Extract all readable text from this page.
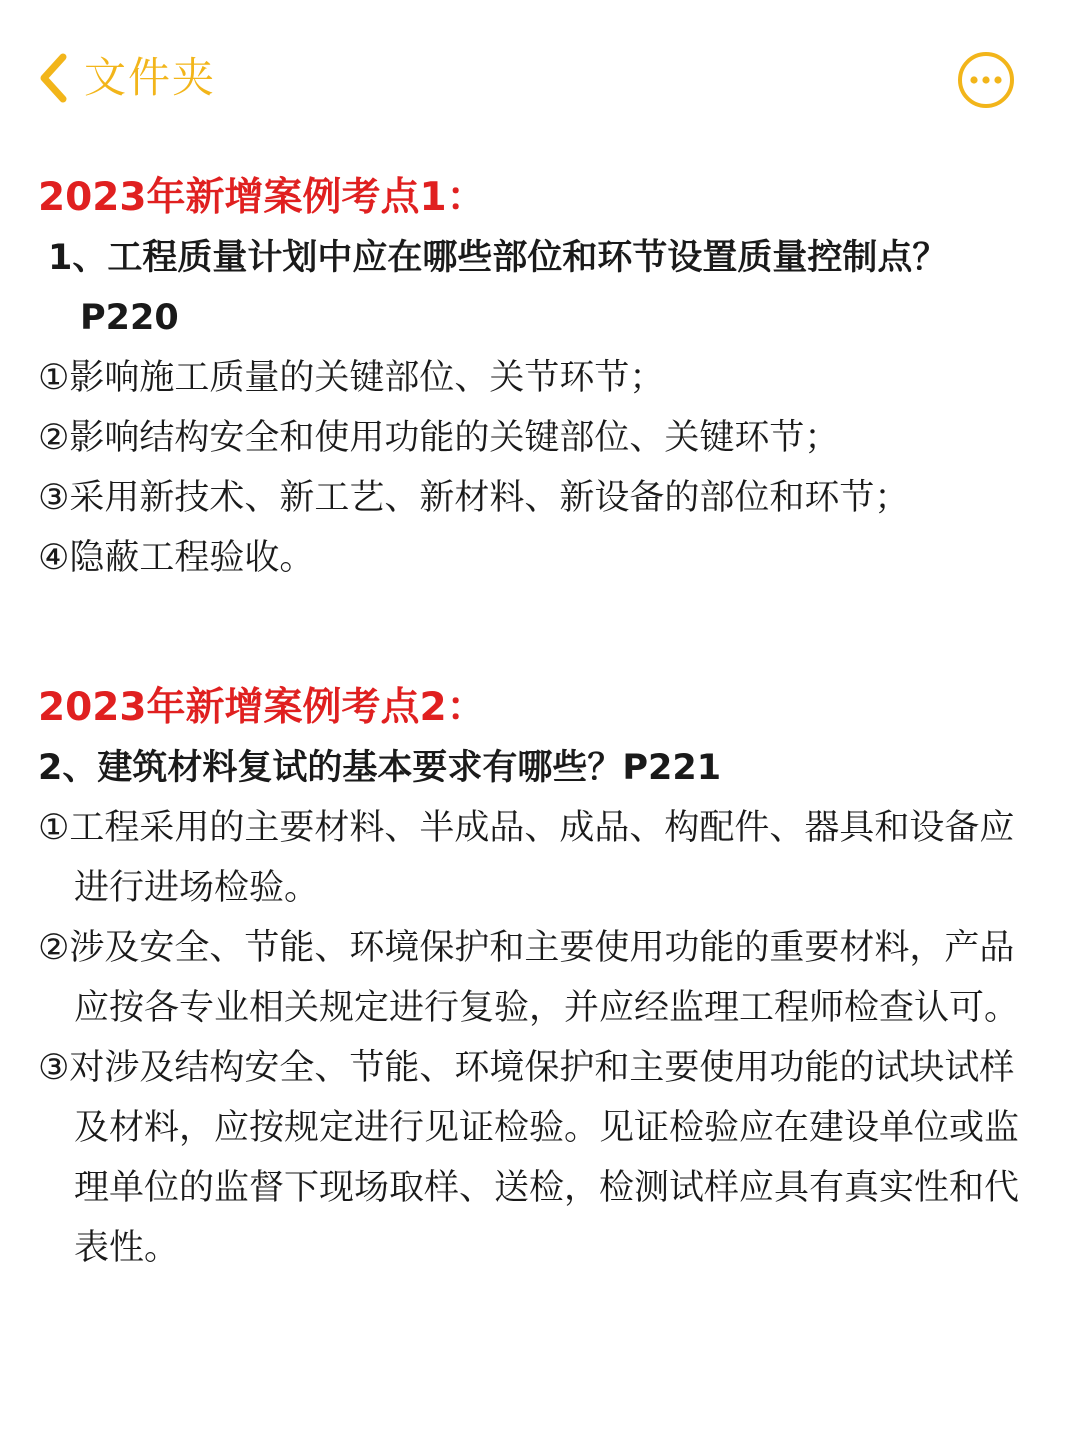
文件夹
2023年新增案例考点1：
1、工程质量计划中应在哪些部位和环节设置质量控制点？
P220
①影响施工质量的关键部位、关节环节；
②影响结构安全和使用功能的关键部位、关键环节；
③采用新技术、新工艺、新材料、新设备的部位和环节；
④隐蔽工程验收。
2023年新增案例考点2：
2、建筑材料复试的基本要求有哪些？P221
①工程采用的主要材料、半成品、成品、构配件、器具和设备应进行进场检验。
②涉及安全、节能、环境保护和主要使用功能的重要材料，产品应按各专业相关规定进行复验，并应经监理工程师检查认可。
③对涉及结构安全、节能、环境保护和主要使用功能的试块试样及材料，应按规定进行见证检验。见证检验应在建设单位或监理单位的监督下现场取样、送检，检测试样应具有真实性和代表性。
